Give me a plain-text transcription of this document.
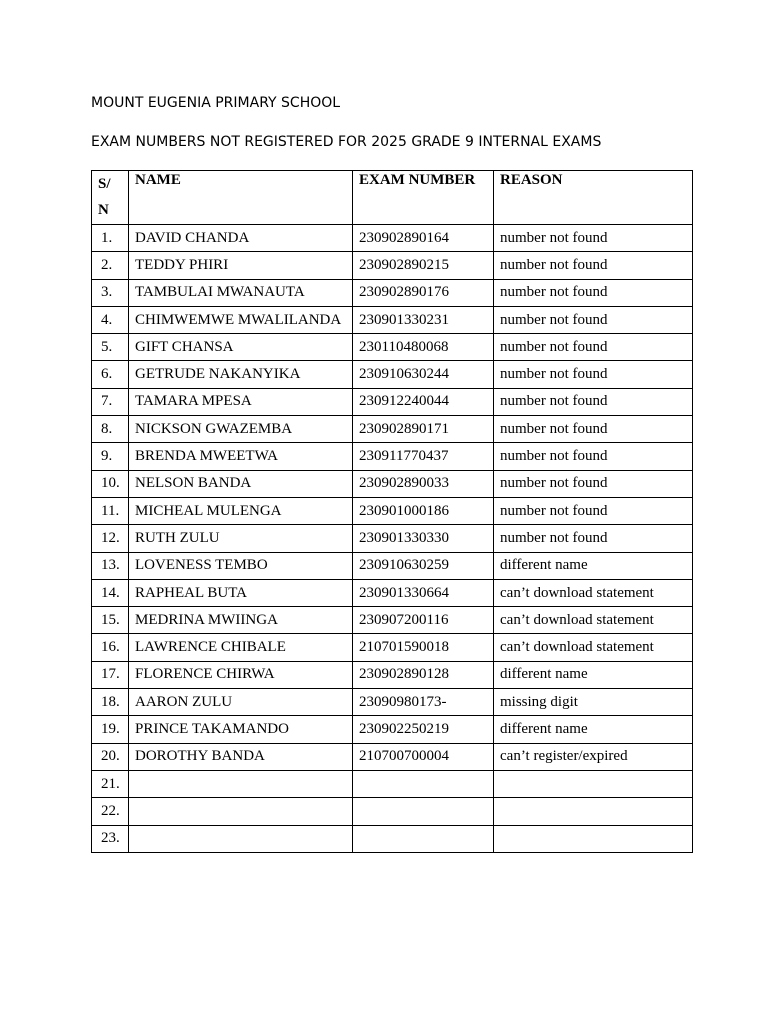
MOUNT EUGENIA PRIMARY SCHOOL
EXAM NUMBERS NOT REGISTERED FOR 2025 GRADE 9 INTERNAL EXAMS
S/
N	NAME	EXAM NUMBER	REASON
1.	DAVID CHANDA	230902890164	number not found
2.	TEDDY PHIRI	230902890215	number not found
3.	TAMBULAI MWANAUTA	230902890176	number not found
4.	CHIMWEMWE MWALILANDA	230901330231	number not found
5.	GIFT CHANSA	230110480068	number not found
6.	GETRUDE NAKANYIKA	230910630244	number not found
7.	TAMARA MPESA	230912240044	number not found
8.	NICKSON GWAZEMBA	230902890171	number not found
9.	BRENDA MWEETWA	230911770437	number not found
10.	NELSON BANDA	230902890033	number not found
11.	MICHEAL MULENGA	230901000186	number not found
12.	RUTH ZULU	230901330330	number not found
13.	LOVENESS TEMBO	230910630259	different name
14.	RAPHEAL BUTA	230901330664	can’t download statement
15.	MEDRINA MWIINGA	230907200116	can’t download statement
16.	LAWRENCE CHIBALE	210701590018	can’t download statement
17.	FLORENCE CHIRWA	230902890128	different name
18.	AARON ZULU	23090980173-	missing digit
19.	PRINCE TAKAMANDO	230902250219	different name
20.	DOROTHY BANDA	210700700004	can’t register/expired
21.			
22.			
23.			
